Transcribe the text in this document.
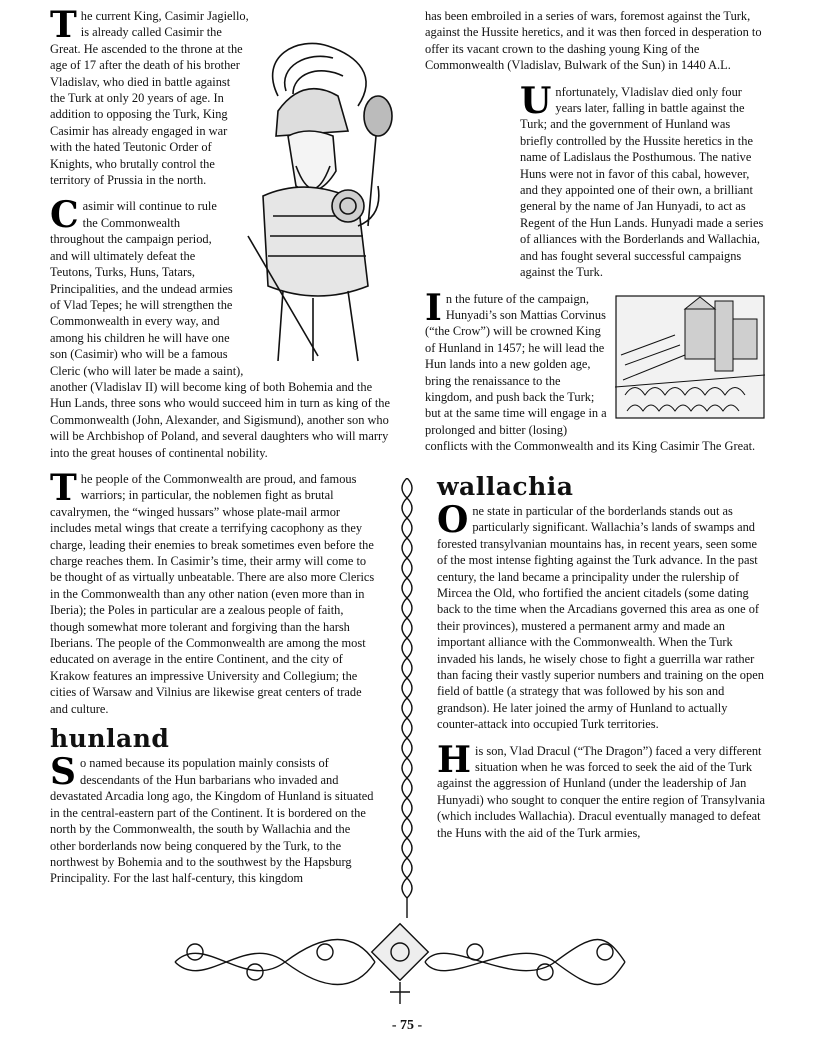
The current King, Casimir Jagiello, is already called Casimir the Great. He ascended to the throne at the age of 17 after the death of his brother Vladislav, who died in battle against the Turk at only 20 years of age. In addition to opposing the Turk, King Casimir has already engaged in war with the hated Teutonic Order of Knights, who brutally control the territory of Prussia in the north.

Casimir will continue to rule the Commonwealth throughout the campaign period, and will ultimately defeat the Teutons, Turks, Huns, Tatars, Principalities, and the undead armies of Vlad Tepes; he will strengthen the Commonwealth in every way, and among his children he will have one son (Casimir) who will be a famous Cleric (who will later be made a saint), another (Vladislav II) will become king of both Bohemia and the Hun Lands, three sons who would succeed him in turn as king of the Commonwealth (John, Alexander, and Sigismund), another son who will be Archbishop of Poland, and several daughters who will marry into the great houses of continental nobility.

The people of the Commonwealth are proud, and famous warriors; in particular, the noblemen fight as brutal cavalrymen, the “winged hussars” whose plate-mail armor includes metal wings that create a terrifying cacophony as they charge, leading their enemies to break sometimes even before the charge reaches them. In Casimir’s time, their army will come to be thought of as virtually unbeatable. There are also more Clerics in the Commonwealth than any other nation (even more than in Iberia); the Poles in particular are a zealous people of faith, though somewhat more tolerant and forgiving than the harsh Iberians. The people of the Commonwealth are among the most educated on average in the entire Continent, and the city of Krakow features an impressive University and Collegium; the cities of Warsaw and Vilnius are likewise great centers of trade and culture.

hunland

So named because its population mainly consists of descendants of the Hun barbarians who invaded and devastated Arcadia long ago, the Kingdom of Hunland is situated in the central-eastern part of the Continent. It is bordered on the north by the Commonwealth, the south by Wallachia and the other borderlands now being conquered by the Turk, to the northwest by Bohemia and to the southwest by the Hapsburg Principality. For the last half-century, this kingdom

has been embroiled in a series of wars, foremost against the Turk, against the Hussite heretics, and it was then forced in desperation to offer its vacant crown to the dashing young King of the Commonwealth (Vladislav, Bulwark of the Sun) in 1440 A.L.

Unfortunately, Vladislav died only four years later, falling in battle against the Turk; and the government of Hunland was briefly controlled by the Hussite heretics in the name of Ladislaus the Posthumous. The native Huns were not in favor of this cabal, however, and they appointed one of their own, a brilliant general by the name of Jan Hunyadi, to act as Regent of the Hun Lands. Hunyadi made a series of alliances with the Borderlands and Wallachia, and has fought several successful campaigns against the Turk.

In the future of the campaign, Hunyadi’s son Mattias Corvinus (“the Crow”) will be crowned King of Hunland in 1457; he will lead the Hun lands into a new golden age, bring the renaissance to the kingdom, and push back the Turk; but at the same time will engage in a prolonged and bitter (losing) conflicts with the Commonwealth and its King Casimir The Great.

wallachia

One state in particular of the borderlands stands out as particularly significant. Wallachia’s lands of swamps and forested transylvanian mountains has, in recent years, seen some of the most intense fighting against the Turk advance. In the past century, the land became a principality under the rulership of Mircea the Old, who fortified the ancient citadels (some dating back to the time when the Arcadians governed this area as one of their provinces), mustered a permanent army and made an important alliance with the Commonwealth. When the Turk invaded his lands, he wisely chose to fight a guerrilla war rather than facing their vastly superior numbers and training on the open field of battle (a strategy that was followed by his son and grandson). He later joined the army of Hunland to actually counter-attack into occupied Turk territories.

His son, Vlad Dracul (“The Dragon”) faced a very different situation when he was forced to seek the aid of the Turk against the aggression of Hunland (under the leadership of Jan Hunyadi) who sought to conquer the entire region of Transylvania (which includes Wallachia). Dracul eventually managed to defeat the Huns with the aid of the Turk armies,

- 75 -
